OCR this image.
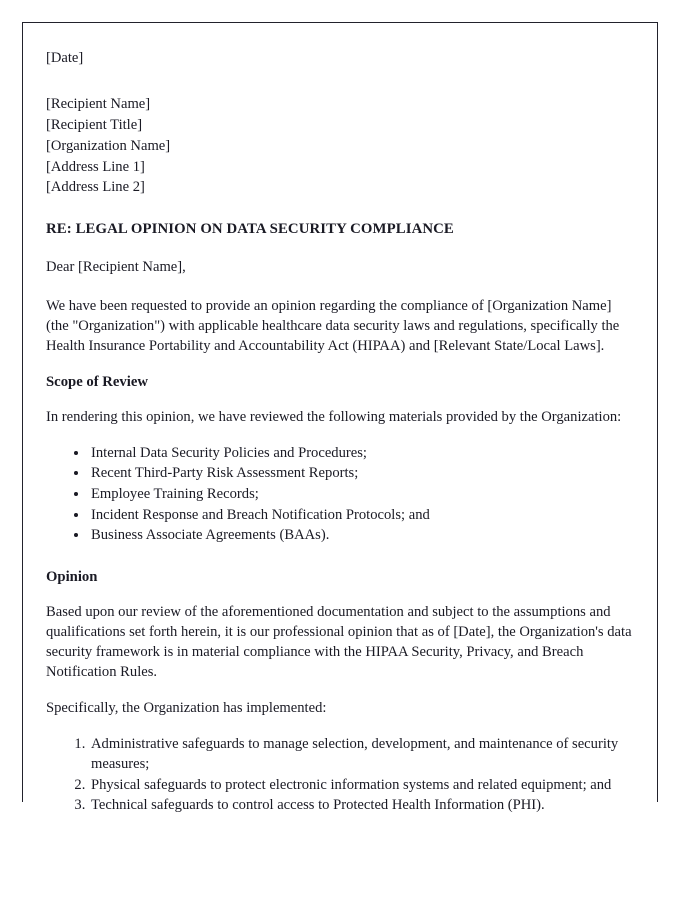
[Date]
[Recipient Name]
[Recipient Title]
[Organization Name]
[Address Line 1]
[Address Line 2]
RE: LEGAL OPINION ON DATA SECURITY COMPLIANCE
Dear [Recipient Name],

We have been requested to provide an opinion regarding the compliance of [Organization Name] (the "Organization") with applicable healthcare data security laws and regulations, specifically the Health Insurance Portability and Accountability Act (HIPAA) and [Relevant State/Local Laws].

Scope of Review

In rendering this opinion, we have reviewed the following materials provided by the Organization:

• Internal Data Security Policies and Procedures;
• Recent Third-Party Risk Assessment Reports;
• Employee Training Records;
• Incident Response and Breach Notification Protocols; and
• Business Associate Agreements (BAAs).
Opinion

Based upon our review of the aforementioned documentation and subject to the assumptions and qualifications set forth herein, it is our professional opinion that as of [Date], the Organization's data security framework is in material compliance with the HIPAA Security, Privacy, and Breach Notification Rules.

Specifically, the Organization has implemented:

1. Administrative safeguards to manage selection, development, and maintenance of security measures;
2. Physical safeguards to protect electronic information systems and related equipment; and
3. Technical safeguards to control access to Protected Health Information (PHI).
